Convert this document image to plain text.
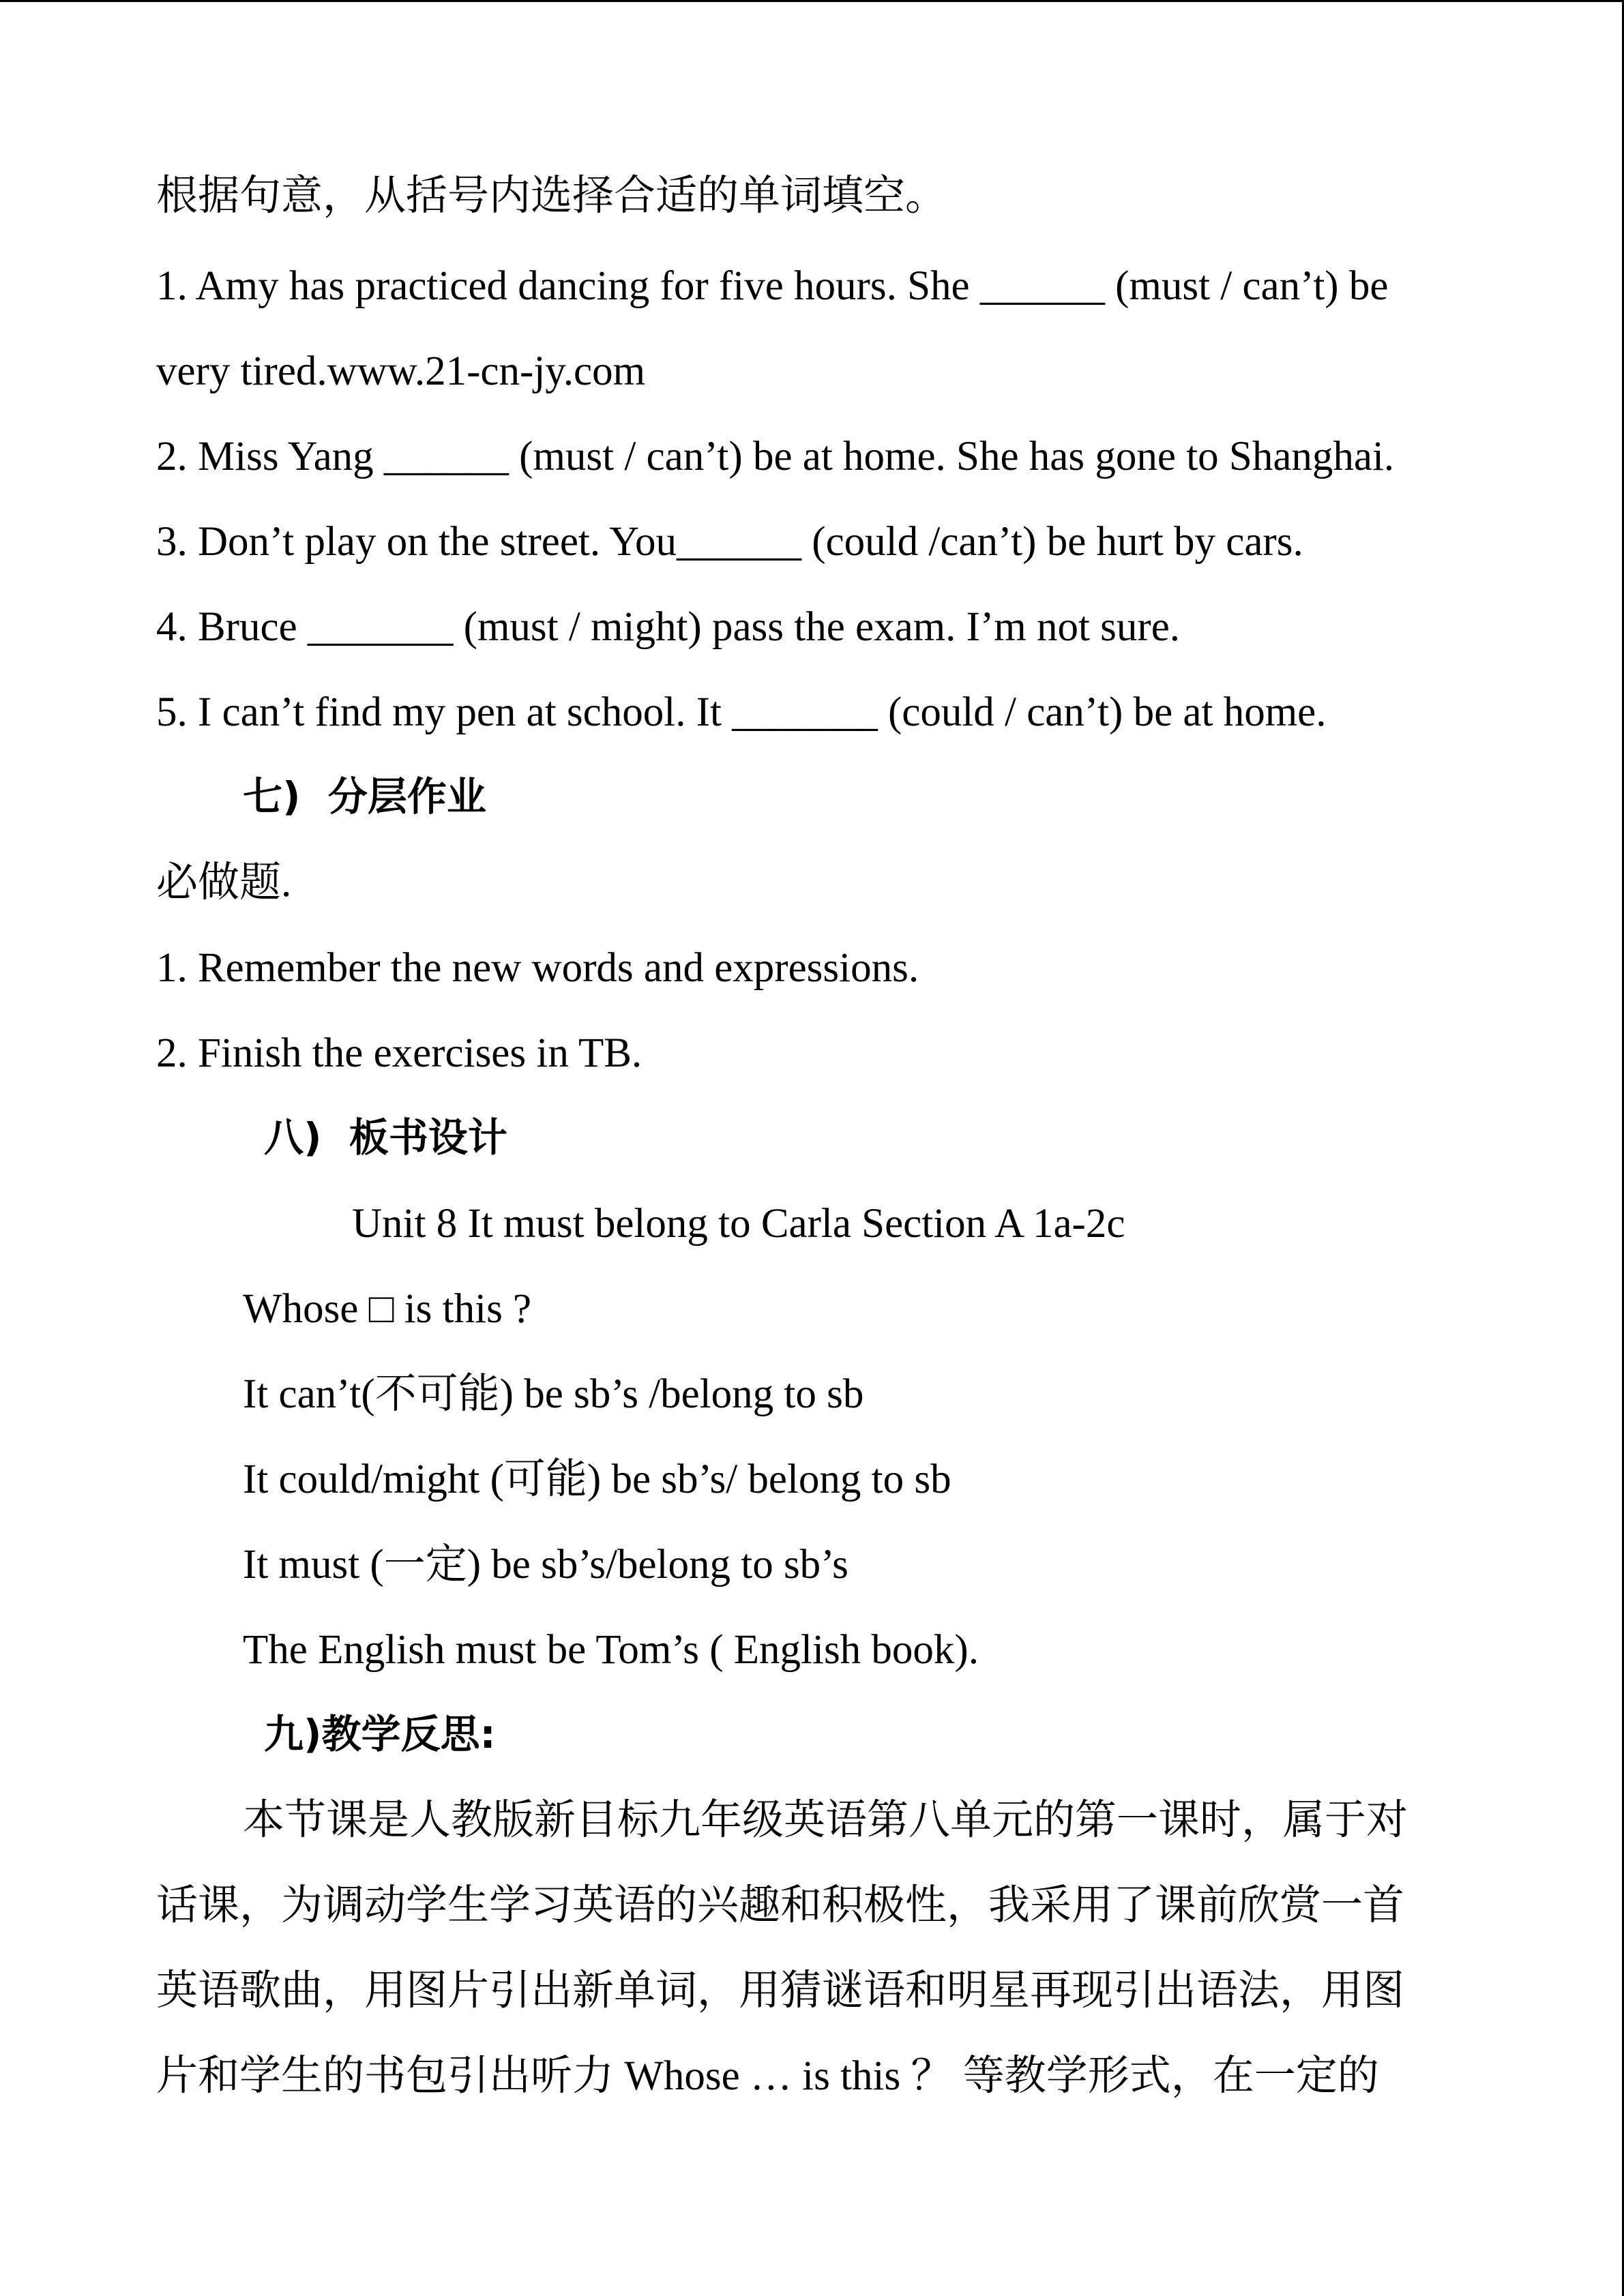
根据句意，从括号内选择合适的单词填空。

1. Amy has practiced dancing for five hours. She ______ (must / can’t) be

very tired.www.21-cn-jy.com

2. Miss Yang ______ (must / can’t) be at home. She has gone to Shanghai.

3. Don’t play on the street. You______ (could /can’t) be hurt by cars.

4. Bruce _______ (must / might) pass the exam. I’m not sure.

5. I can’t find my pen at school. It _______ (could / can’t) be at home.

七)  分层作业

必做题.

1. Remember the new words and expressions.

2. Finish the exercises in TB.

八)  板书设计

Unit 8 It must belong to Carla Section A 1a-2c

Whose □ is this ?

It can’t(不可能) be sb’s /belong to sb

It could/might (可能) be sb’s/ belong to sb

It must (一定) be sb’s/belong to sb’s

The English must be Tom’s ( English book).

九)教学反思:

本节课是人教版新目标九年级英语第八单元的第一课时，属于对

话课，为调动学生学习英语的兴趣和积极性，我采用了课前欣赏一首

英语歌曲，用图片引出新单词，用猜谜语和明星再现引出语法，用图

片和学生的书包引出听力 Whose … is this ？ 等教学形式，在一定的
